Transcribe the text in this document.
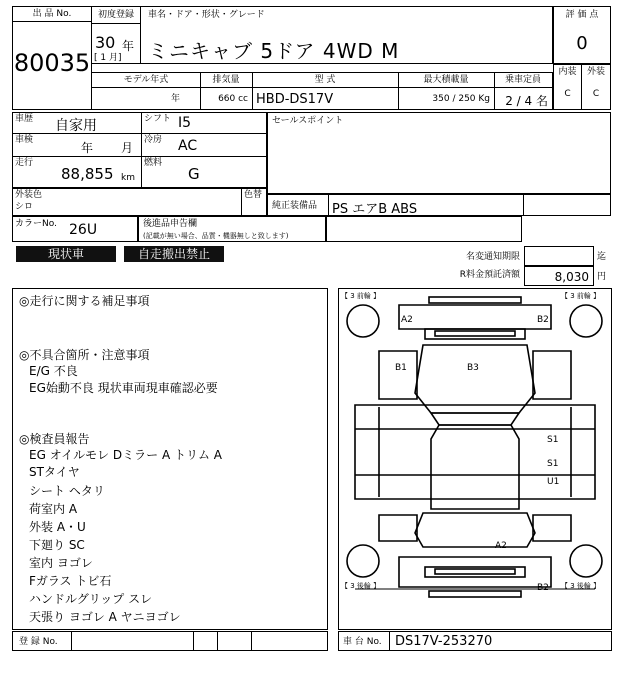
出 品 No.
80035
初度登録	車名・ドア・形状・グレード
30 年
[ 1 月] ミニキャブ 5ドア 4WD M
評 価 点
0
内装
C
外装
C
モデル年式	排気量	型 式	最大積載量	乗車定員
年	660 cc HBD-DS17V	350 / 250 Kg	2 / 4 名
車歴 自家用	シフト I5
車検
年 月
冷房 AC
走行
88,855 km
燃料
G
セールスポイント
外装色
シロ
色替
純正装備品 PS エアB ABS
カラーNo. 26U	後進品申告欄
(記載が無い場合、品質・機器無しと致します)
現状車	自走搬出禁止	名変通知期限	迄
R料金預託済額	8,030 円
◎走行に関する補足事項
◎不具合箇所・注意事項
E/G 不良
EG始動不良 現状車両現車確認必要
◎検査員報告
EG オイルモレ Dミラー A トリム A
STタイヤ
シート ヘタリ
荷室内 A
外装 A・U
下廻り SC
室内 ヨゴレ
Fガラス トビ石
ハンドルグリップ スレ
天張り ヨゴレ A ヤニヨゴレ
【 3 前輪 】	【 3 前輪 】
【 3 後輪 】	【 3 後輪 】
A2	B2
B1	B3
S1
S1
U1
A2
B2
登 録 No.	車 台 No. DS17V-253270
